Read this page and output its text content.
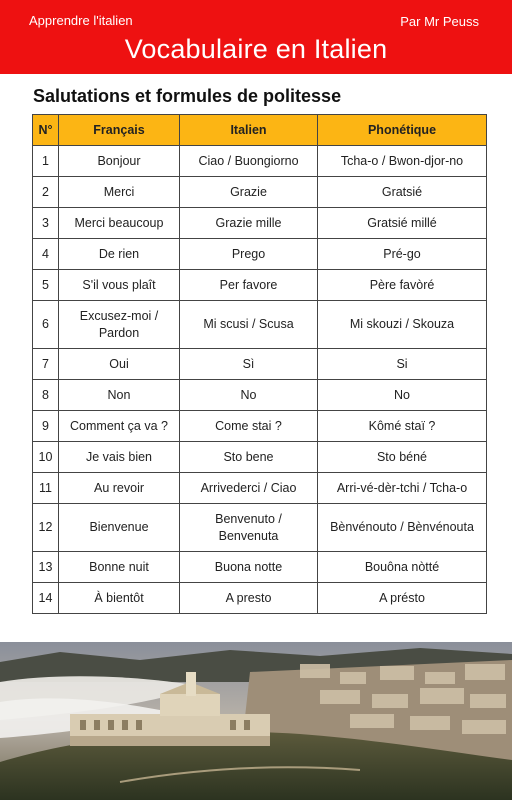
Apprendre l'italien	Par Mr Peuss
Vocabulaire en Italien
Salutations et formules de politesse
N°	Français	Italien	Phonétique
1	Bonjour	Ciao / Buongiorno	Tcha-o / Bwon-djor-no
2	Merci	Grazie	Gratsié
3	Merci beaucoup	Grazie mille	Gratsié millé
4	De rien	Prego	Pré-go
5	S'il vous plaît	Per favore	Père favòré
6	Excusez-moi / Pardon	Mi scusi / Scusa	Mi skouzi / Skouza
7	Oui	Sì	Si
8	Non	No	No
9	Comment ça va ?	Come stai ?	Kômé staï ?
10	Je vais bien	Sto bene	Sto béné
11	Au revoir	Arrivederci / Ciao	Arri-vé-dèr-tchi / Tcha-o
12	Bienvenue	Benvenuto / Benvenuta	Bènvénouto / Bènvénouta
13	Bonne nuit	Buona notte	Bouôna nòtté
14	À bientôt	A presto	A présto
